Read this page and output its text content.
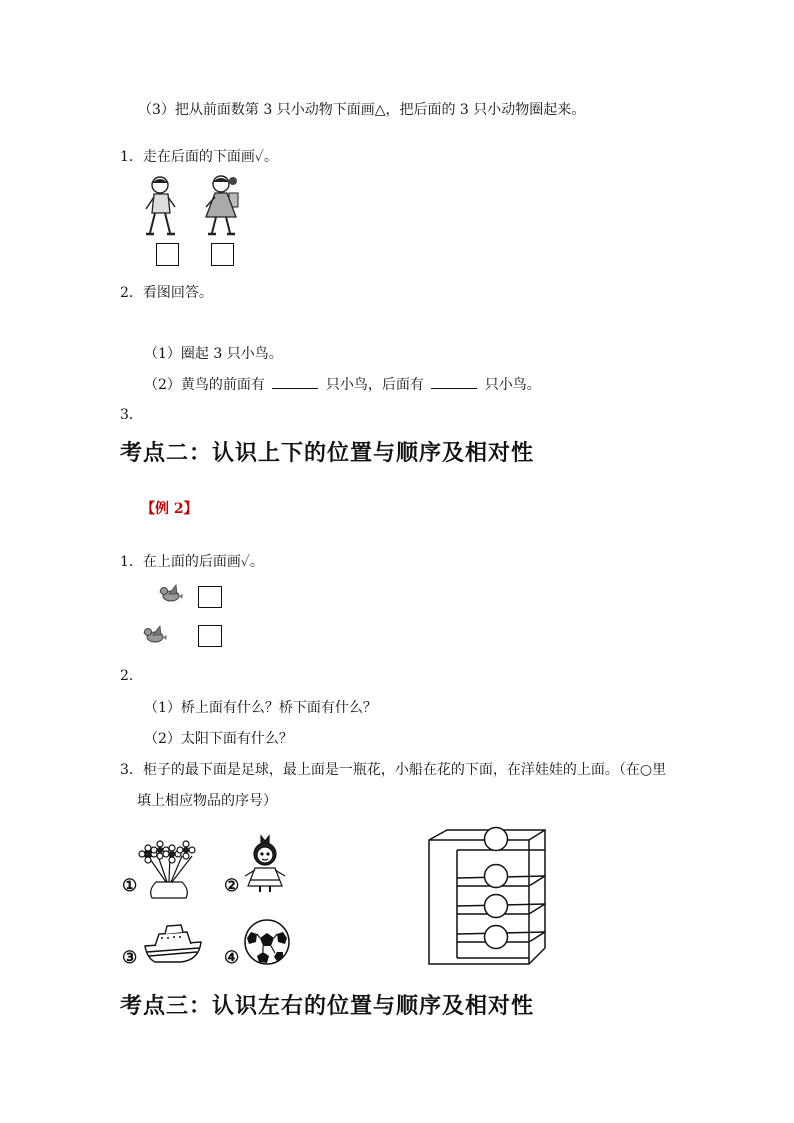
（3）把从前面数第 3 只小动物下面画△，把后面的 3 只小动物圈起来。
1．走在后面的下面画✓。
2．看图回答。
（1）圈起 3 只小鸟。
（2）黄鸟的前面有	只小鸟，后面有	只小鸟。
3．
考点二：认识上下的位置与顺序及相对性
【例 2】
1．在上面的后面画✓。
2．
（1）桥上面有什么？桥下面有什么？
（2）太阳下面有什么？
3．柜子的最下面是足球，最上面是一瓶花，小船在花的下面，在洋娃娃的上面。（在○里
填上相应物品的序号）
①	②
③	④
考点三：认识左右的位置与顺序及相对性
